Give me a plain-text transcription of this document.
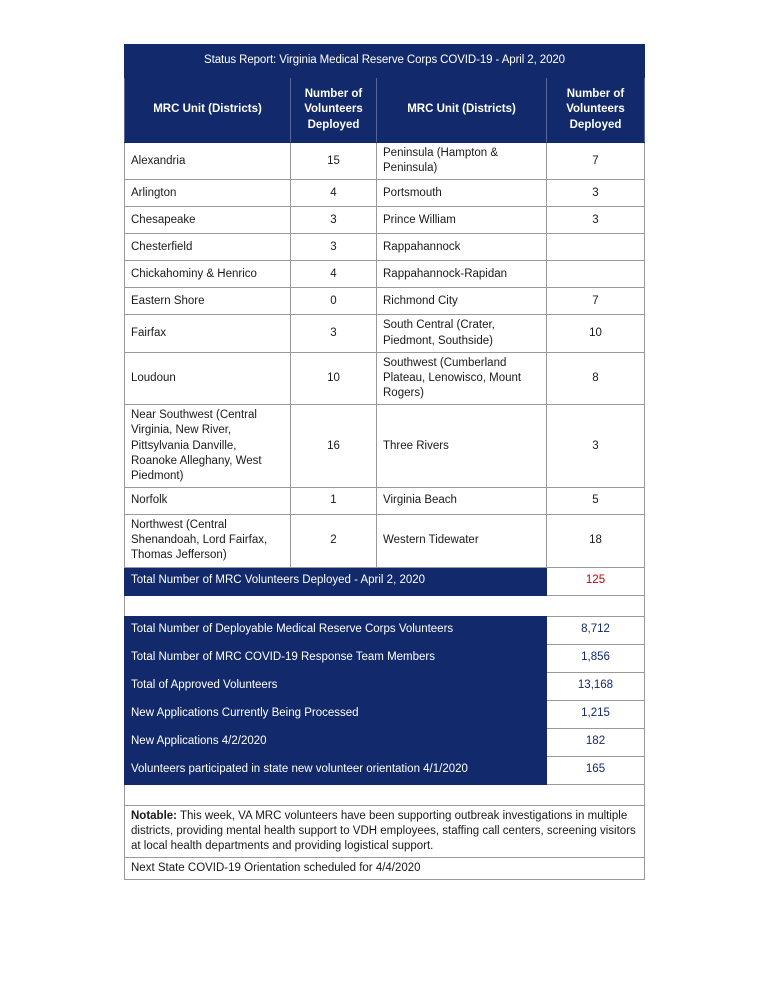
Status Report: Virginia Medical Reserve Corps COVID-19 - April 2, 2020			
MRC Unit (Districts)	Number of Volunteers Deployed	MRC Unit (Districts)	Number of Volunteers Deployed
Alexandria	15	Peninsula (Hampton & Peninsula)	7
Arlington	4	Portsmouth	3
Chesapeake	3	Prince William	3
Chesterfield	3	Rappahannock	
Chickahominy & Henrico	4	Rappahannock-Rapidan	
Eastern Shore	0	Richmond City	7
Fairfax	3	South Central (Crater, Piedmont, Southside)	10
Loudoun	10	Southwest (Cumberland Plateau, Lenowisco, Mount Rogers)	8
Near Southwest (Central Virginia, New River, Pittsylvania Danville, Roanoke Alleghany, West Piedmont)	16	Three Rivers	3
Norfolk	1	Virginia Beach	5
Northwest (Central Shenandoah, Lord Fairfax, Thomas Jefferson)	2	Western Tidewater	18
Total Number of MRC Volunteers Deployed - April 2, 2020			125

Total Number of Deployable Medical Reserve Corps Volunteers	8,712
Total Number of MRC COVID-19 Response Team Members	1,856
Total of Approved Volunteers	13,168
New Applications Currently Being Processed	1,215
New Applications 4/2/2020	182
Volunteers participated in state new volunteer orientation 4/1/2020	165

Notable: This week, VA MRC volunteers have been supporting outbreak investigations in multiple districts, providing mental health support to VDH employees, staffing call centers, screening visitors at local health departments and providing logistical support.
Next State COVID-19 Orientation scheduled for 4/4/2020
